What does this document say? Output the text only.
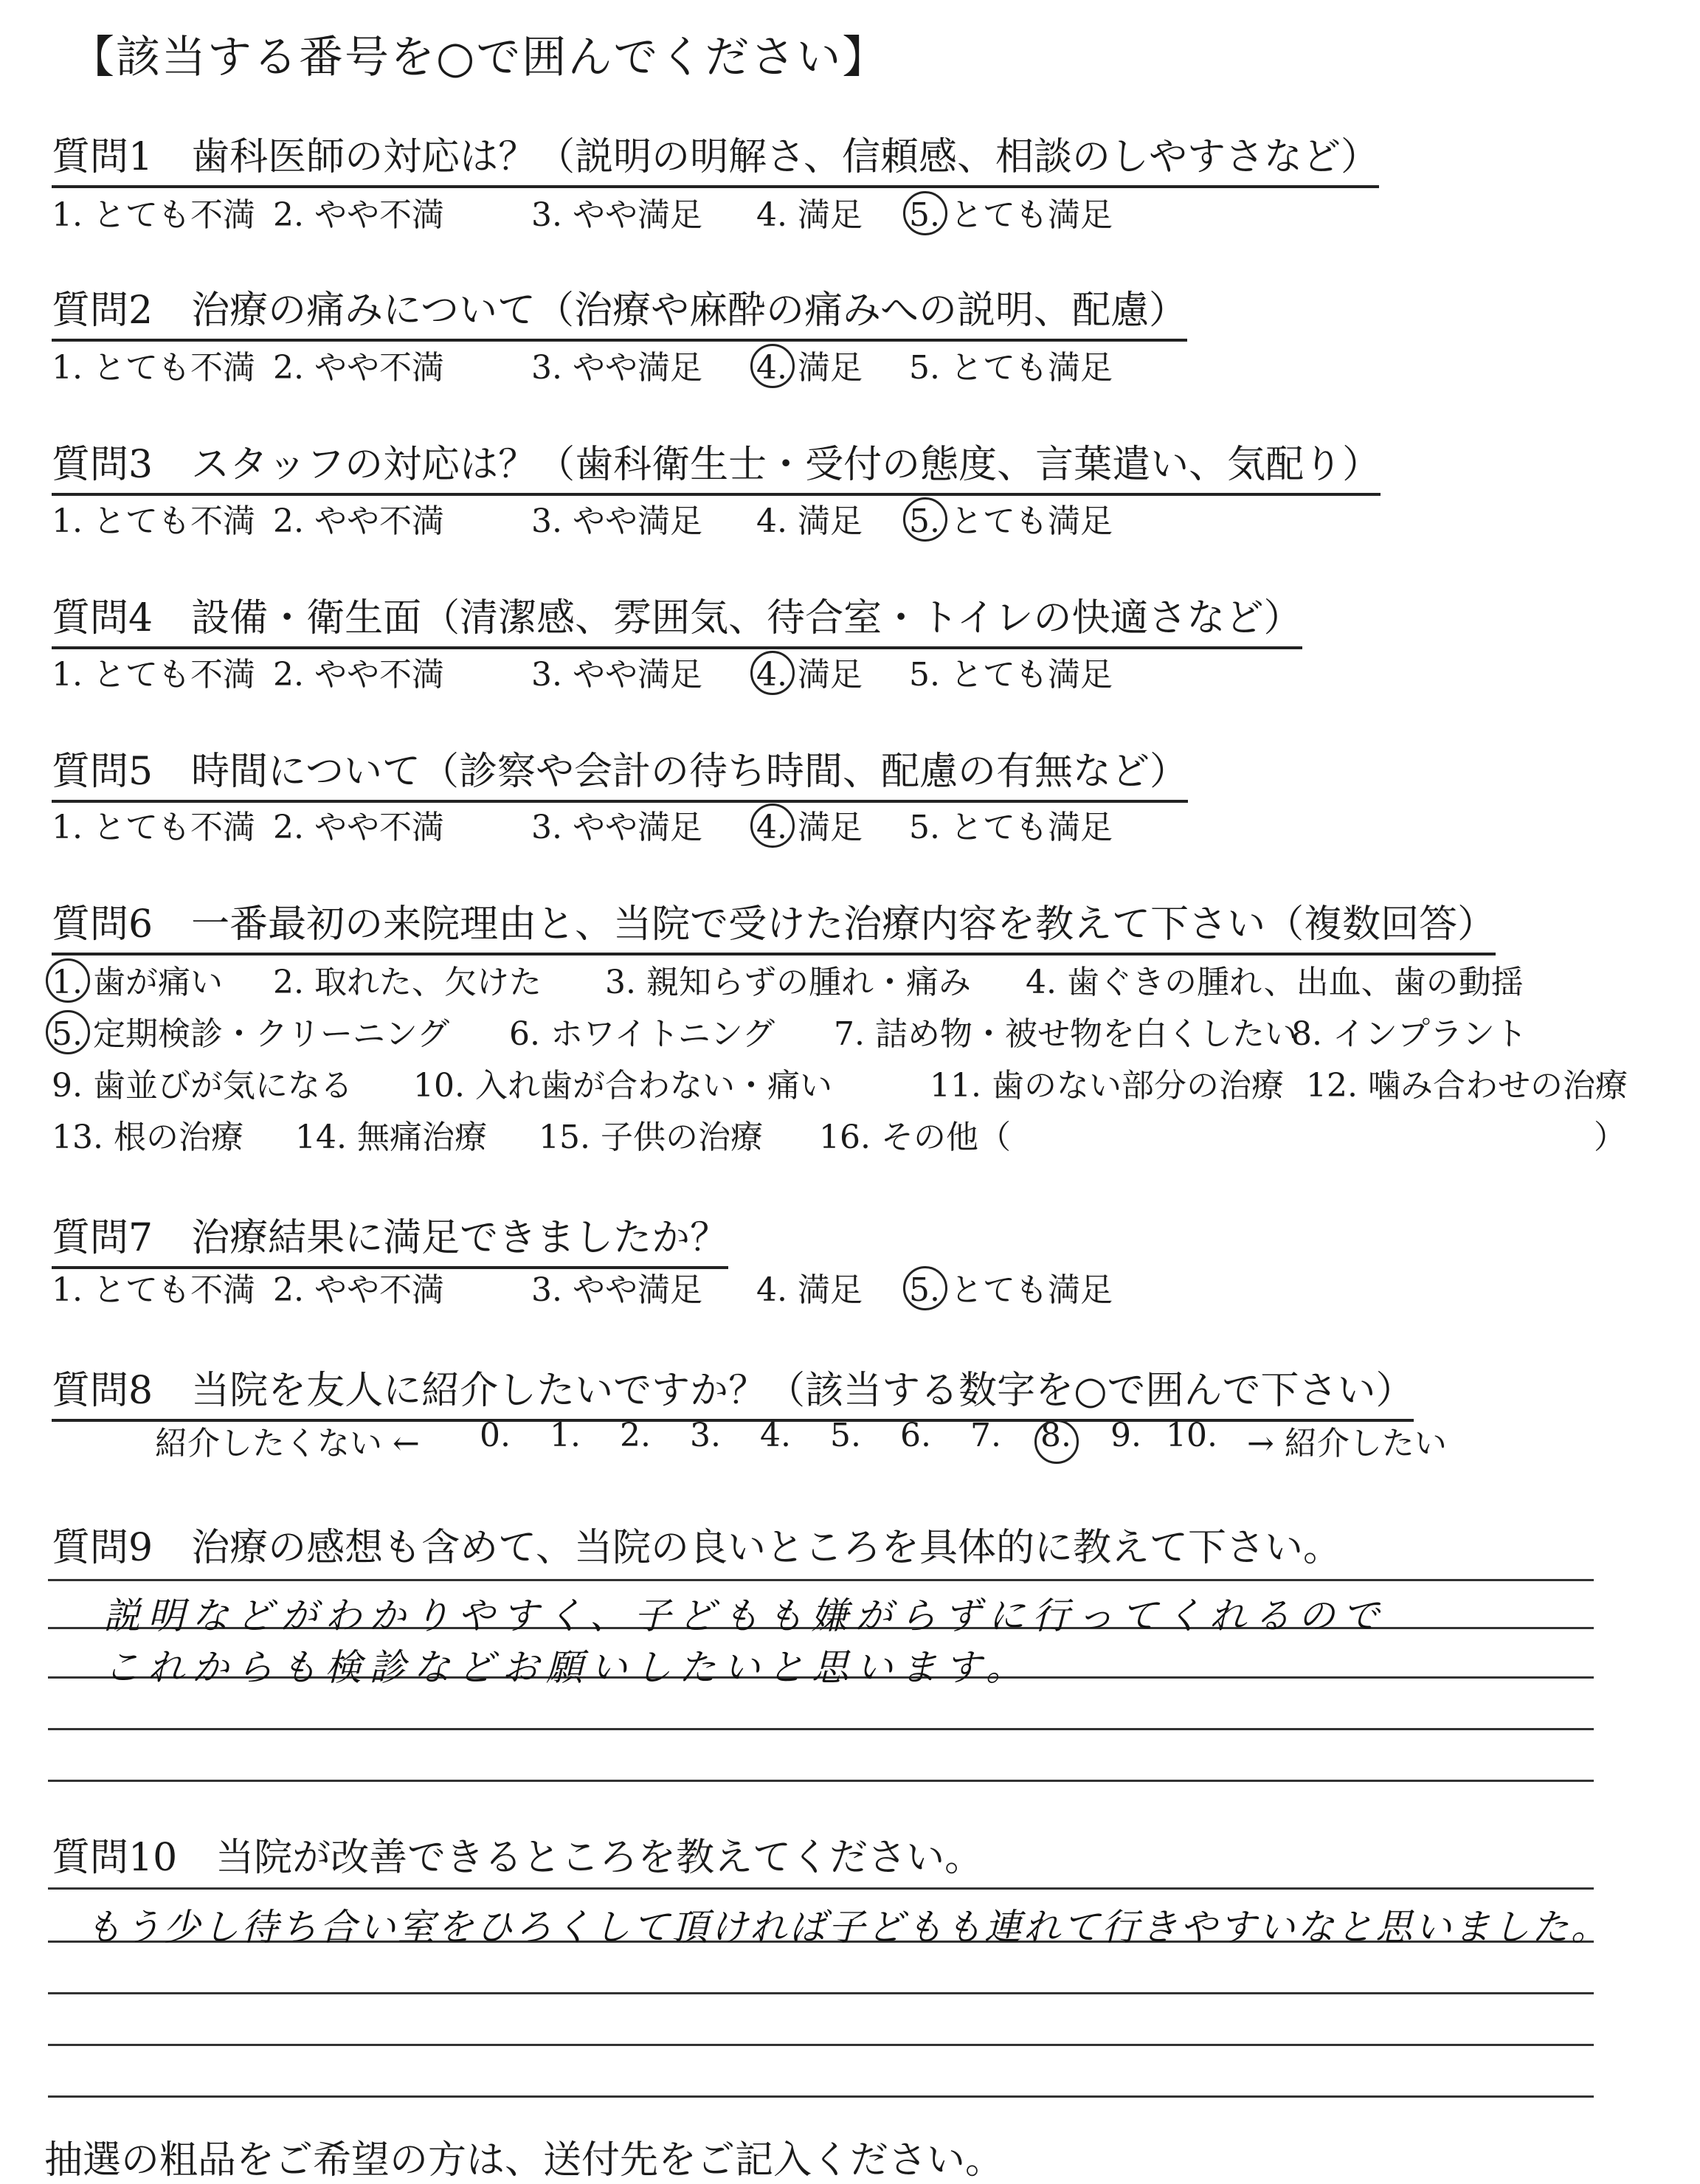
【該当する番号を○で囲んでください】
質問1　歯科医師の対応は？（説明の明解さ、信頼感、相談のしやすさなど）
1. とても不満 2. やや不満	3. やや満足 4. 満足 5. とても満足
質問2　治療の痛みについて（治療や麻酔の痛みへの説明、配慮）
1. とても不満 2. やや不満	3. やや満足 4. 満足 5. とても満足
質問3　スタッフの対応は？（歯科衛生士・受付の態度、言葉遣い、気配り）
1. とても不満 2. やや不満	3. やや満足 4. 満足 5. とても満足
質問4　設備・衛生面（清潔感、雰囲気、待合室・トイレの快適さなど）
1. とても不満 2. やや不満	3. やや満足 4. 満足 5. とても満足
質問5　時間について（診察や会計の待ち時間、配慮の有無など）
1. とても不満 2. やや不満	3. やや満足 4. 満足 5. とても満足
質問6　一番最初の来院理由と、当院で受けた治療内容を教えて下さい（複数回答）
1. 歯が痛い 2. 取れた、欠けた 3. 親知らずの腫れ・痛み 4. 歯ぐきの腫れ、出血、歯の動揺
5. 定期検診・クリーニング 6. ホワイトニング 7. 詰め物・被せ物を白くしたい
8. インプラント
9. 歯並びが気になる 10. 入れ歯が合わない・痛い	11. 歯のない部分の治療 12. 噛み合わせの治療
13. 根の治療 14. 無痛治療 15. 子供の治療 16. その他（	）
質問7　治療結果に満足できましたか？
1. とても不満 2. やや不満	3. やや満足 4. 満足 5. とても満足
質問8　当院を友人に紹介したいですか？（該当する数字を○で囲んで下さい）
紹介したくない ← 0. 1. 2. 3. 4. 5. 6. 7. 8. 9. 10. → 紹介したい
質問9　治療の感想も含めて、当院の良いところを具体的に教えて下さい。
説明などがわかりやすく、子どもも嫌がらずに行ってくれるので
これからも検診などお願いしたいと思います。
質問10　当院が改善できるところを教えてください。
もう少し待ち合い室をひろくして頂ければ子どもも連れて行きやすいなと思いました。
抽選の粗品をご希望の方は、送付先をご記入ください。
